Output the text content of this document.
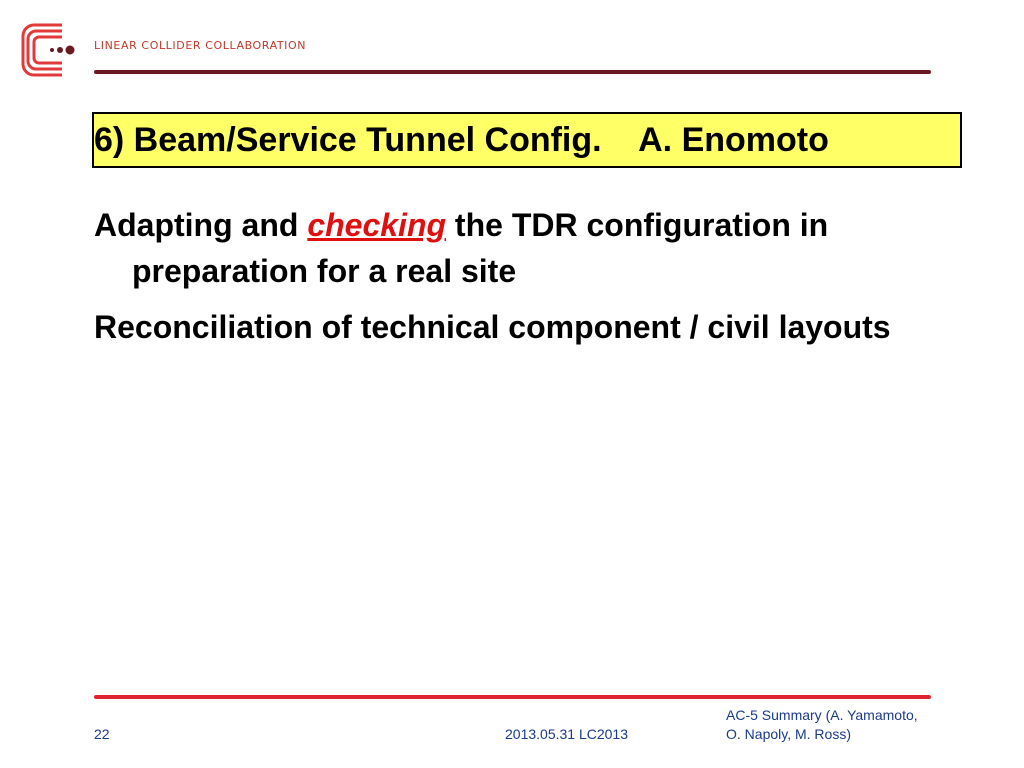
LINEAR COLLIDER COLLABORATION
6) Beam/Service Tunnel Config.    A. Enomoto

Adapting and checking the TDR configuration in preparation for a real site

Reconciliation of technical component / civil layouts

22	2013.05.31 LC2013
AC-5 Summary (A. Yamamoto, O. Napoly, M. Ross)
